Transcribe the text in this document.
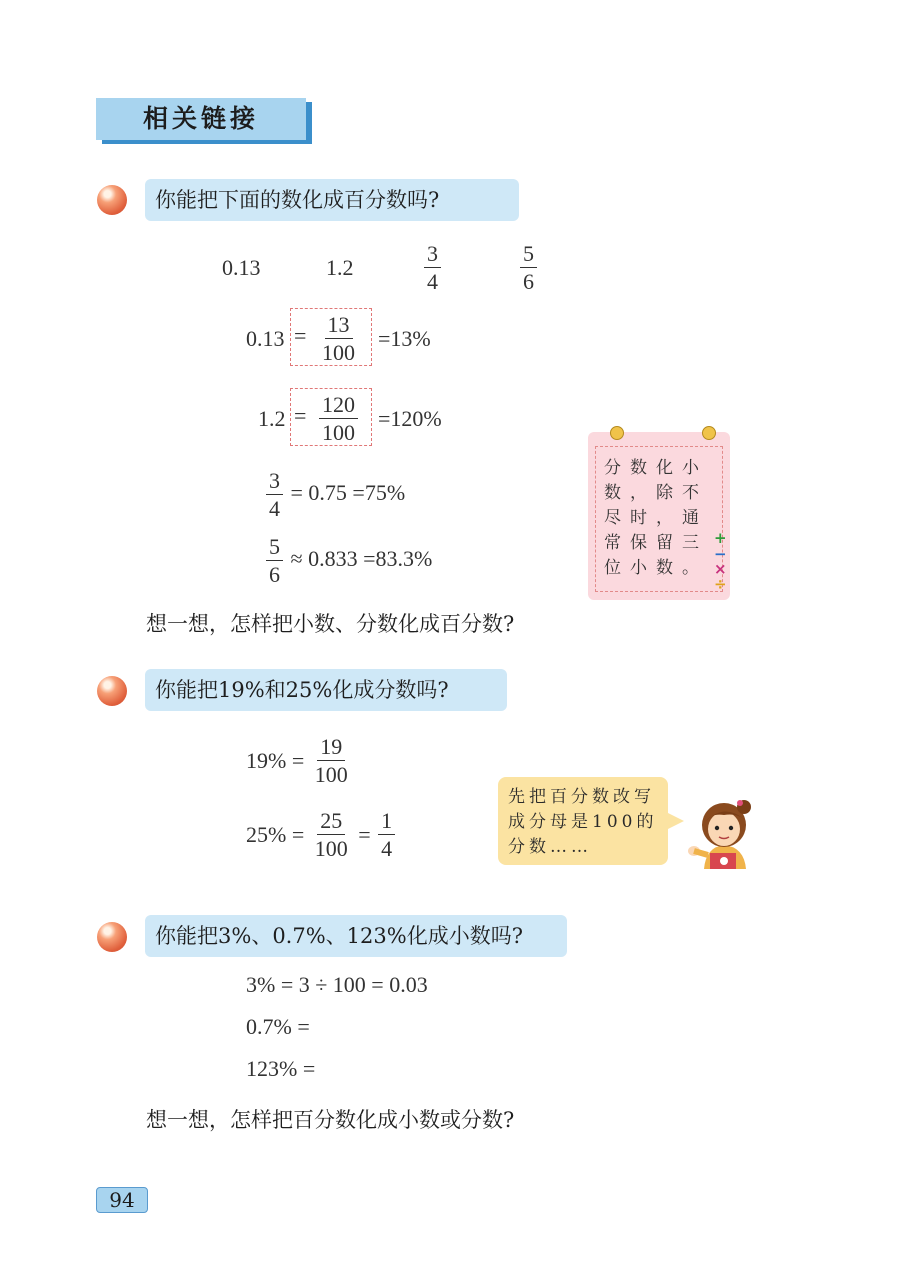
相关链接
你能把下面的数化成百分数吗?
0.13	1.2	$\frac{3}{4}$	$\frac{5}{6}$
$0.13 = \frac{13}{100} =13\%$
$1.2 = \frac{120}{100} =120\%$
$\frac{3}{4} = 0.75 =75\%$
$\frac{5}{6} \approx 0.833 =83.3\%$
想一想，怎样把小数、分数化成百分数?
分数化小数，除不尽时，通常保留三位小数。
+
−
×
÷
你能把19%和25%化成分数吗?
$19\% = \frac{19}{100}$
$25\% = \frac{25}{100} = \frac{1}{4}$
先把百分数改写成分母是100的分数……
你能把3%、0.7%、123%化成小数吗?
3% = 3 ÷ 100 = 0.03
0.7% =
123% =
想一想，怎样把百分数化成小数或分数?
94
